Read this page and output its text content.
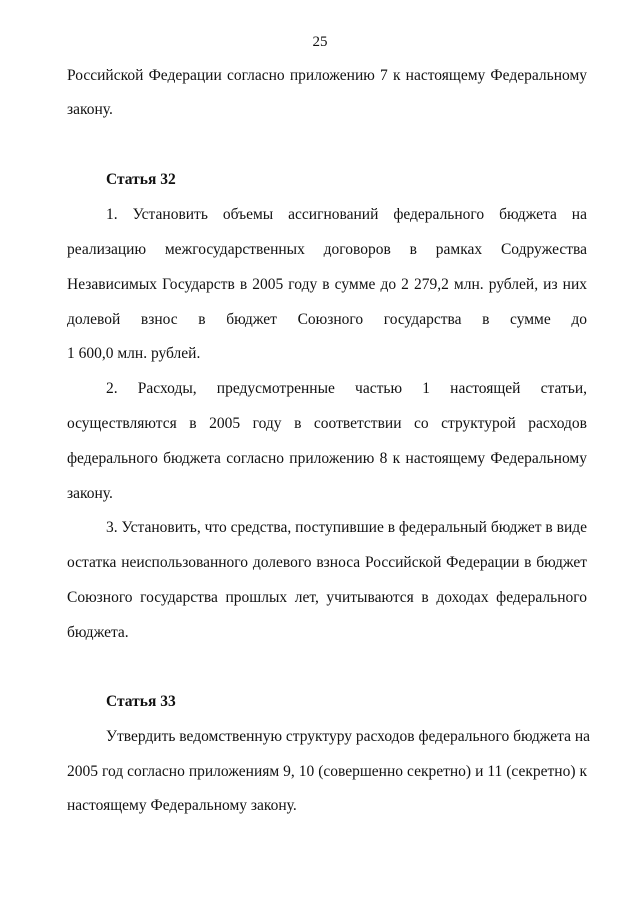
25
Российской Федерации согласно приложению 7 к настоящему Федеральному
закону.
Статья 32
1. Установить объемы ассигнований федерального бюджета на
реализацию межгосударственных договоров в рамках Содружества
Независимых Государств в 2005 году в сумме до 2 279,2 млн. рублей, из них
долевой взнос в бюджет Союзного государства в сумме до
1 600,0 млн. рублей.
2. Расходы, предусмотренные частью 1 настоящей статьи,
осуществляются в 2005 году в соответствии со структурой расходов
федерального бюджета согласно приложению 8 к настоящему Федеральному
закону.
3. Установить, что средства, поступившие в федеральный бюджет в виде
остатка неиспользованного долевого взноса Российской Федерации в бюджет
Союзного государства прошлых лет, учитываются в доходах федерального
бюджета.
Статья 33
Утвердить ведомственную структуру расходов федерального бюджета на
2005 год согласно приложениям 9, 10 (совершенно секретно) и 11 (секретно) к
настоящему Федеральному закону.
